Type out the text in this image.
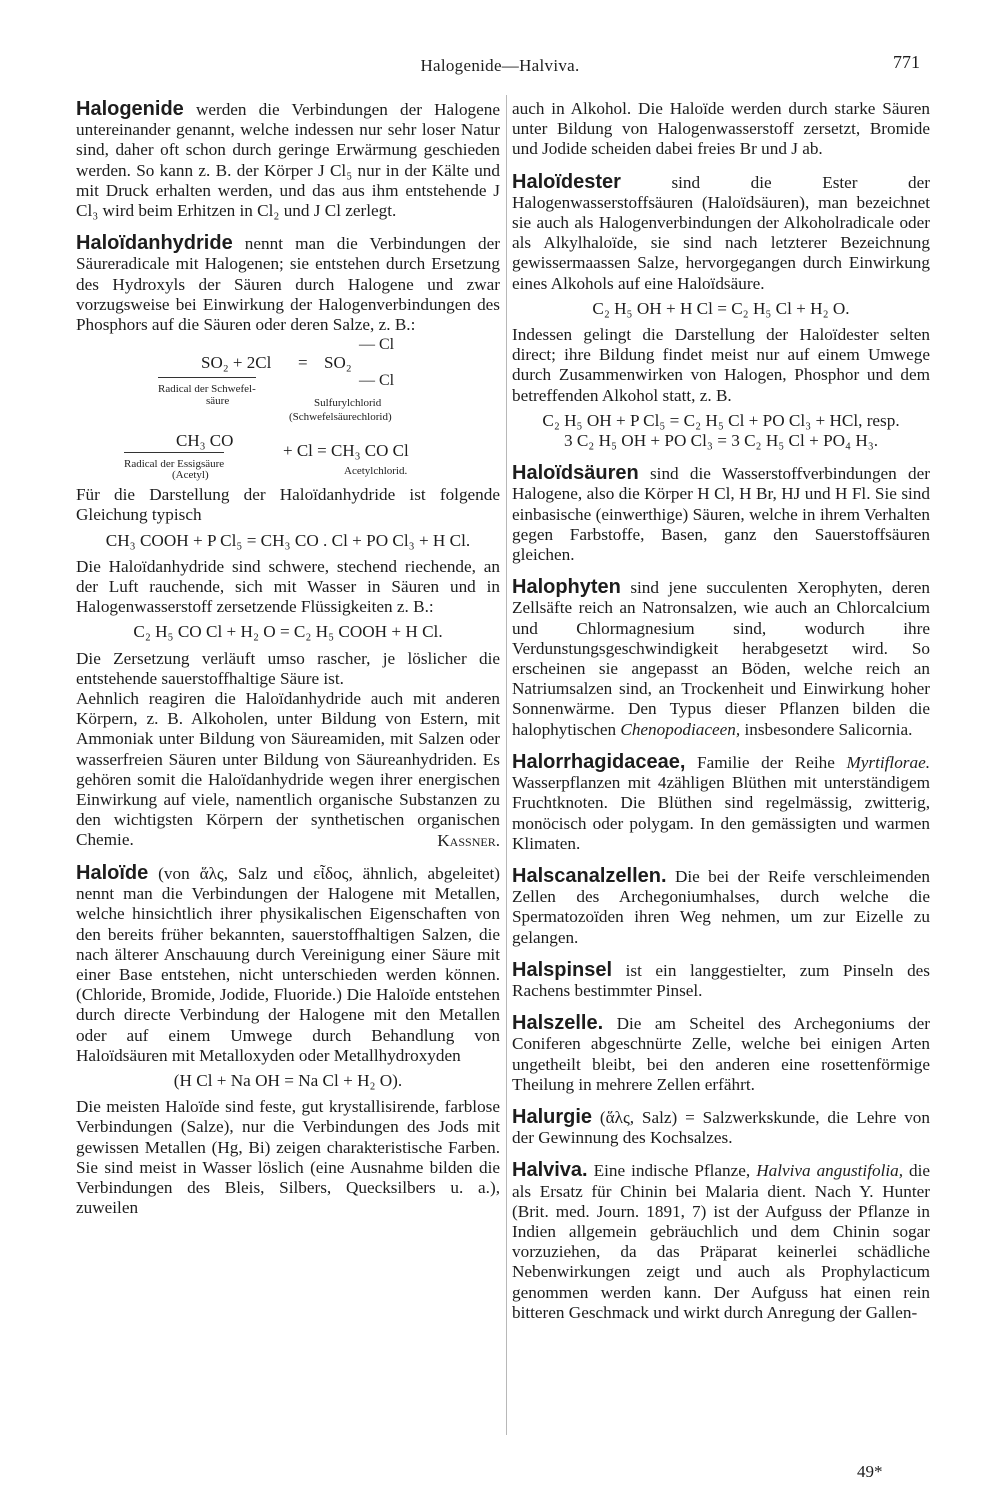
Halogenide—Halviva.	771

Halogenide werden die Verbindungen der Halogene untereinander genannt, welche indessen nur sehr loser Natur sind, daher oft schon durch geringe Erwärmung geschieden werden. So kann z. B. der Körper J Cl₅ nur in der Kälte und mit Druck erhalten werden, und das aus ihm entstehende J Cl₃ wird beim Erhitzen in Cl₂ und J Cl zerlegt.

Haloïdanhydride nennt man die Verbindungen der Säureradicale mit Halogenen; sie entstehen durch Ersetzung des Hydroxyls der Säuren durch Halogene und zwar vorzugsweise bei Einwirkung der Halogenverbindungen des Phosphors auf die Säuren oder deren Salze, z. B.:

— Cl
SO₂ + 2Cl = SO₂
— Cl
Radical der Schwefel-
säure	Sulfurylchlorid
(Schwefelsäurechlorid)
CH₃ CO
+ Cl = CH₃ CO Cl
Radical der Essigsäure
(Acetyl)	Acetylchlorid.

Für die Darstellung der Haloïdanhydride ist folgende Gleichung typisch

CH₃ COOH + P Cl₅ = CH₃ CO . Cl + PO Cl₃ + H Cl.

Die Haloïdanhydride sind schwere, stechend riechende, an der Luft rauchende, sich mit Wasser in Säuren und in Halogenwasserstoff zersetzende Flüssigkeiten z. B.:

C₂ H₅ CO Cl + H₂ O = C₂ H₅ COOH + H Cl.

Die Zersetzung verläuft umso rascher, je löslicher die entstehende sauerstoffhaltige Säure ist.

Aehnlich reagiren die Haloïdanhydride auch mit anderen Körpern, z. B. Alkoholen, unter Bildung von Estern, mit Ammoniak unter Bildung von Säureamiden, mit Salzen oder wasserfreien Säuren unter Bildung von Säureanhydriden. Es gehören somit die Haloïdanhydride wegen ihrer energischen Einwirkung auf viele, namentlich organische Substanzen zu den wichtigsten Körpern der synthetischen organischen Chemie.	Kassner.

Haloïde (von ἅλς, Salz und εἶδος, ähnlich, abgeleitet) nennt man die Verbindungen der Halogene mit Metallen, welche hinsichtlich ihrer physikalischen Eigenschaften von den bereits früher bekannten, sauerstoffhaltigen Salzen, die nach älterer Anschauung durch Vereinigung einer Säure mit einer Base entstehen, nicht unterschieden werden können. (Chloride, Bromide, Jodide, Fluoride.) Die Haloïde entstehen durch directe Verbindung der Halogene mit den Metallen oder auf einem Umwege durch Behandlung von Haloïdsäuren mit Metalloxyden oder Metallhydroxyden

(H Cl + Na OH = Na Cl + H₂ O).

Die meisten Haloïde sind feste, gut krystallisirende, farblose Verbindungen (Salze), nur die Verbindungen des Jods mit gewissen Metallen (Hg, Bi) zeigen charakteristische Farben. Sie sind meist in Wasser löslich (eine Ausnahme bilden die Verbindungen des Bleis, Silbers, Quecksilbers u. a.), zuweilen

auch in Alkohol. Die Haloïde werden durch starke Säuren unter Bildung von Halogenwasserstoff zersetzt, Bromide und Jodide scheiden dabei freies Br und J ab.

Haloïdester sind die Ester der Halogenwasserstoffsäuren (Haloïdsäuren), man bezeichnet sie auch als Halogenverbindungen der Alkoholradicale oder als Alkylhaloïde, sie sind nach letzterer Bezeichnung gewissermaassen Salze, hervorgegangen durch Einwirkung eines Alkohols auf eine Haloïdsäure.

C₂ H₅ OH + H Cl = C₂ H₅ Cl + H₂ O.

Indessen gelingt die Darstellung der Haloïdester selten direct; ihre Bildung findet meist nur auf einem Umwege durch Zusammenwirken von Halogen, Phosphor und dem betreffenden Alkohol statt, z. B.

C₂ H₅ OH + P Cl₅ = C₂ H₅ Cl + PO Cl₃ + HCl, resp.

3 C₂ H₅ OH + PO Cl₃ = 3 C₂ H₅ Cl + PO₄ H₃.

Haloïdsäuren sind die Wasserstoffverbindungen der Halogene, also die Körper H Cl, H Br, HJ und H Fl. Sie sind einbasische (einwerthige) Säuren, welche in ihrem Verhalten gegen Farbstoffe, Basen, ganz den Sauerstoffsäuren gleichen.

Halophyten sind jene succulenten Xerophyten, deren Zellsäfte reich an Natronsalzen, wie auch an Chlorcalcium und Chlormagnesium sind, wodurch ihre Verdunstungsgeschwindigkeit herabgesetzt wird. So erscheinen sie angepasst an Böden, welche reich an Natriumsalzen sind, an Trockenheit und Einwirkung hoher Sonnenwärme. Den Typus dieser Pflanzen bilden die halophytischen Chenopodiaceen, insbesondere Salicornia.

Halorrhagidaceae, Familie der Reihe Myrtiflorae. Wasserpflanzen mit 4zähligen Blüthen mit unterständigem Fruchtknoten. Die Blüthen sind regelmässig, zwitterig, monöcisch oder polygam. In den gemässigten und warmen Klimaten.

Halscanalzellen. Die bei der Reife verschleimenden Zellen des Archegoniumhalses, durch welche die Spermatozoïden ihren Weg nehmen, um zur Eizelle zu gelangen.

Halspinsel ist ein langgestielter, zum Pinseln des Rachens bestimmter Pinsel.

Halszelle. Die am Scheitel des Archegoniums der Coniferen abgeschnürte Zelle, welche bei einigen Arten ungetheilt bleibt, bei den anderen eine rosettenförmige Theilung in mehrere Zellen erfährt.

Halurgie (ἅλς, Salz) = Salzwerkskunde, die Lehre von der Gewinnung des Kochsalzes.

Halviva. Eine indische Pflanze, Halviva angustifolia, die als Ersatz für Chinin bei Malaria dient. Nach Y. Hunter (Brit. med. Journ. 1891, 7) ist der Aufguss der Pflanze in Indien allgemein gebräuchlich und dem Chinin sogar vorzuziehen, da das Präparat keinerlei schädliche Nebenwirkungen zeigt und auch als Prophylacticum genommen werden kann. Der Aufguss hat einen rein bitteren Geschmack und wirkt durch Anregung der Gallen-

49*
